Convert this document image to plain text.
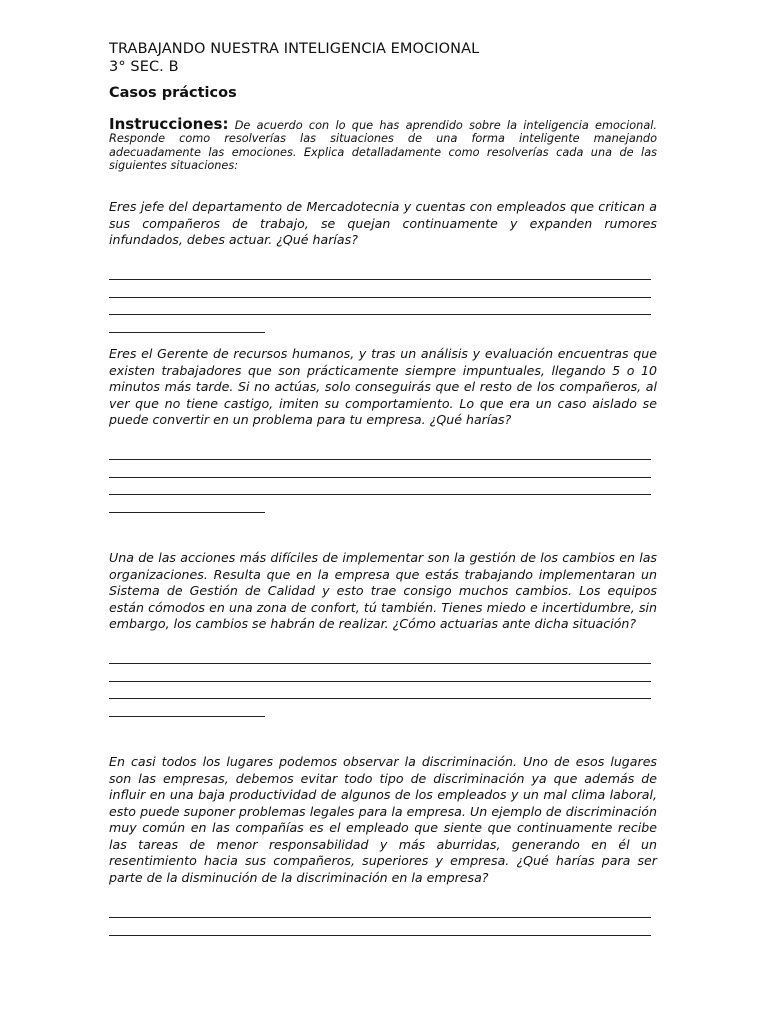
TRABAJANDO NUESTRA INTELIGENCIA EMOCIONAL

3° SEC. B

Casos prácticos

Instrucciones: De acuerdo con lo que has aprendido sobre la inteligencia emocional. Responde como resolverías las situaciones de una forma inteligente manejando adecuadamente las emociones. Explica detalladamente como resolverías cada una de las siguientes situaciones:

Eres jefe del departamento de Mercadotecnia y cuentas con empleados que critican a sus compañeros de trabajo, se quejan continuamente y expanden rumores infundados, debes actuar. ¿Qué harías?

Eres el Gerente de recursos humanos, y tras un análisis y evaluación encuentras que existen trabajadores que son prácticamente siempre impuntuales, llegando 5 o 10 minutos más tarde. Si no actúas, solo conseguirás que el resto de los compañeros, al ver que no tiene castigo, imiten su comportamiento. Lo que era un caso aislado se puede convertir en un problema para tu empresa. ¿Qué harías?

Una de las acciones más difíciles de implementar son la gestión de los cambios en las organizaciones. Resulta que en la empresa que estás trabajando implementaran un Sistema de Gestión de Calidad y esto trae consigo muchos cambios. Los equipos están cómodos en una zona de confort, tú también. Tienes miedo e incertidumbre, sin embargo, los cambios se habrán de realizar. ¿Cómo actuarias ante dicha situación?

En casi todos los lugares podemos observar la discriminación. Uno de esos lugares son las empresas, debemos evitar todo tipo de discriminación ya que además de influir en una baja productividad de algunos de los empleados y un mal clima laboral, esto puede suponer problemas legales para la empresa. Un ejemplo de discriminación muy común en las compañías es el empleado que siente que continuamente recibe las tareas de menor responsabilidad y más aburridas, generando en él un resentimiento hacia sus compañeros, superiores y empresa. ¿Qué harías para ser parte de la disminución de la discriminación en la empresa?
